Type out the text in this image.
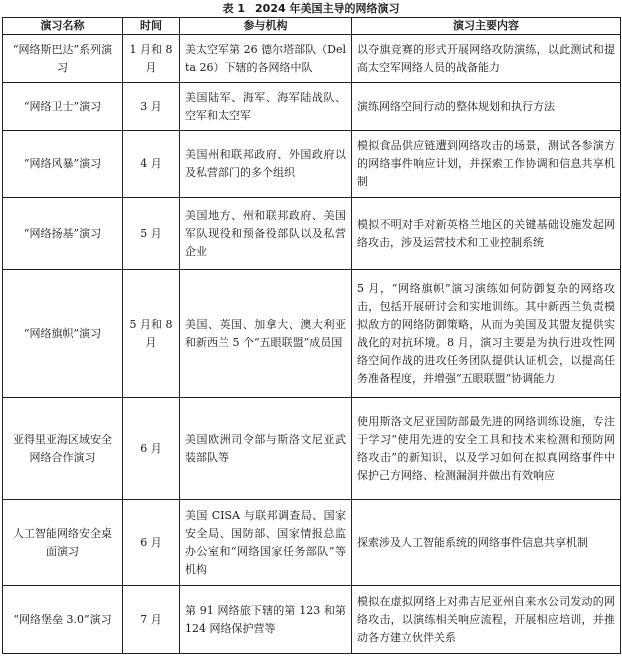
表 1 2024 年美国主导的网络演习
演习名称	时间	参与机构	演习主要内容
“网络斯巴达”系列演习	1 月和 8 月	美太空军第 26 德尔塔部队（Delta 26）下辖的各网络中队	以夺旗竞赛的形式开展网络攻防演练，以此测试和提高太空军网络人员的战备能力
“网络卫士”演习	3 月	美国陆军、海军、海军陆战队、空军和太空军	演练网络空间行动的整体规划和执行方法
“网络风暴”演习	4 月	美国州和联邦政府、外国政府以及私营部门的多个组织	模拟食品供应链遭到网络攻击的场景，测试各参演方的网络事件响应计划，并探索工作协调和信息共享机制
“网络扬基”演习	5 月	美国地方、州和联邦政府、美国军队现役和预备役部队以及私营企业	模拟不明对手对新英格兰地区的关键基础设施发起网络攻击，涉及运营技术和工业控制系统
“网络旗帜”演习	5 月和 8 月	美国、英国、加拿大、澳大利亚和新西兰 5 个“五眼联盟”成员国	5 月，“网络旗帜”演习演练如何防御复杂的网络攻击，包括开展研讨会和实地训练。其中新西兰负责模拟敌方的网络防御策略，从而为美国及其盟友提供实战化的对抗环境。8 月，演习主要是为执行进攻性网络空间作战的进攻任务团队提供认证机会，以提高任务准备程度，并增强“五眼联盟”协调能力
亚得里亚海区域安全网络合作演习	6 月	美国欧洲司令部与斯洛文尼亚武装部队等	使用斯洛文尼亚国防部最先进的网络训练设施，专注于学习“使用先进的安全工具和技术来检测和预防网络攻击”的新知识，以及学习如何在拟真网络事件中保护己方网络、检测漏洞并做出有效响应
人工智能网络安全桌面演习	6 月	美国 CISA 与联邦调查局、国家安全局、国防部、国家情报总监办公室和“网络国家任务部队”等机构	探索涉及人工智能系统的网络事件信息共享机制
“网络堡垒 3.0”演习	7 月	第 91 网络旅下辖的第 123 和第 124 网络保护营等	模拟在虚拟网络上对弗吉尼亚州自来水公司发动的网络攻击，以演练相关响应流程，开展相应培训，并推动各方建立伙伴关系
